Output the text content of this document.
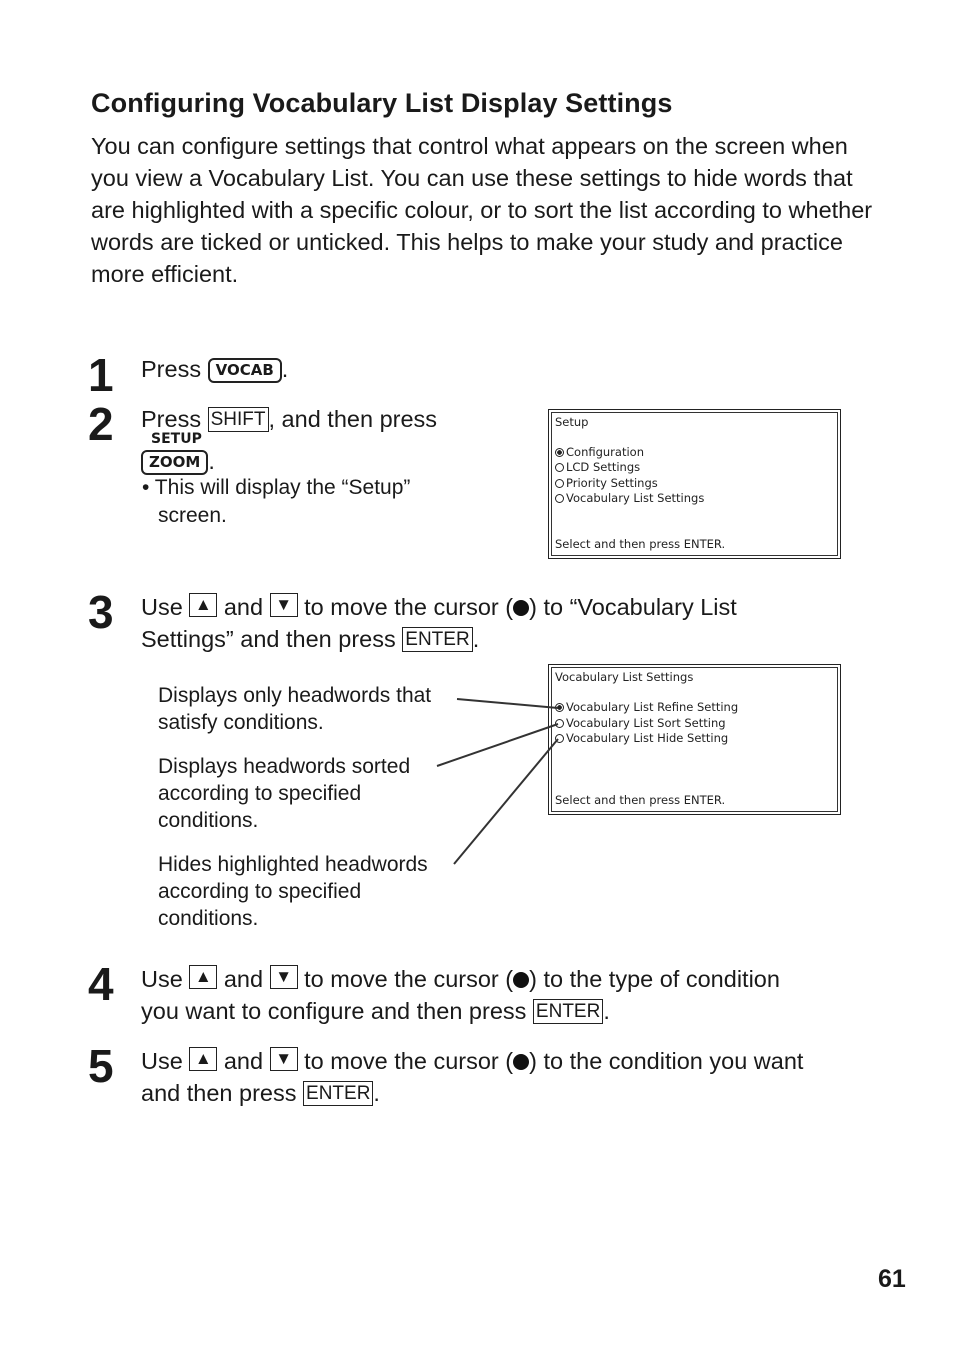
Configuring Vocabulary List Display Settings

You can configure settings that control what appears on the screen when you view a Vocabulary List. You can use these settings to hide words that are highlighted with a specific colour, or to sort the list according to whether words are ticked or unticked. This helps to make your study and practice more efficient.

1 Press VOCAB .
2 Press SHIFT , and then press
SETUP
ZOOM .
• This will display the “Setup”
screen.
Setup
Configuration
LCD Settings
Priority Settings
Vocabulary List Settings
Select and then press ENTER.
3 Use ▲ and ▼ to move the cursor ( ) to “Vocabulary List
Settings” and then press ENTER .
Vocabulary List Settings
Vocabulary List Refine Setting
Vocabulary List Sort Setting
Vocabulary List Hide Setting
Select and then press ENTER.
Displays only headwords that
satisfy conditions.
Displays headwords sorted
according to specified
conditions.
Hides highlighted headwords
according to specified
conditions.
4 Use ▲ and ▼ to move the cursor ( ) to the type of condition
you want to configure and then press ENTER .
5 Use ▲ and ▼ to move the cursor ( ) to the condition you want
and then press ENTER .
61
